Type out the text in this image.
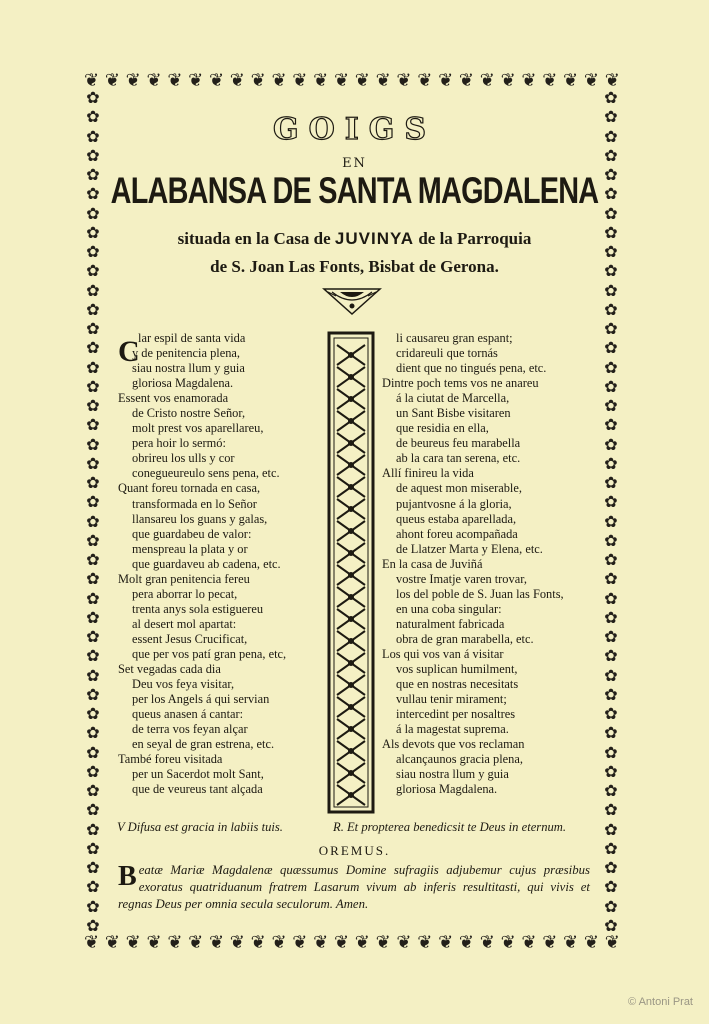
❦ ❦ ❦ ❦ ❦ ❦ ❦ ❦ ❦ ❦ ❦ ❦ ❦ ❦ ❦ ❦ ❦ ❦ ❦ ❦ ❦ ❦ ❦ ❦ ❦ ❦
❦ ❦ ❦ ❦ ❦ ❦ ❦ ❦ ❦ ❦ ❦ ❦ ❦ ❦ ❦ ❦ ❦ ❦ ❦ ❦ ❦ ❦ ❦ ❦ ❦ ❦
✿
✿
✿
✿
✿
✿
✿
✿
✿
✿
✿
✿
✿
✿
✿
✿
✿
✿
✿
✿
✿
✿
✿
✿
✿
✿
✿
✿
✿
✿
✿
✿
✿
✿
✿
✿
✿
✿
✿
✿
✿
✿
✿
✿
✿
✿
✿
✿
✿
✿
✿
✿
✿
✿
✿
✿
✿
✿
✿
✿
✿
✿
✿
✿
✿
✿
✿
✿
✿
✿
✿
✿
✿
✿
✿
✿
✿
✿
✿
✿
✿
✿
✿
✿
✿
✿
✿
✿
GOIGS
EN
ALABANSA DE SANTA MAGDALENA
situada en la Casa de JUVINYA de la Parroquia
de S. Joan Las Fonts, Bisbat de Gerona.
C
lar espil de santa vida
y de penitencia plena,
siau nostra llum y guia
gloriosa Magdalena.
Essent vos enamorada
de Cristo nostre Señor,
molt prest vos aparellareu,
pera hoir lo sermó:
obrireu los ulls y cor
conegueureulo sens pena, etc.
Quant foreu tornada en casa,
transformada en lo Señor
llansareu los guans y galas,
que guardabeu de valor:
menspreau la plata y or
que guardaveu ab cadena, etc.
Molt gran penitencia fereu
pera aborrar lo pecat,
trenta anys sola estiguereu
al desert mol apartat:
essent Jesus Crucificat,
que per vos patí gran pena, etc,
Set vegadas cada dia
Deu vos feya visitar,
per los Angels á qui servian
queus anasen á cantar:
de terra vos feyan alçar
en seyal de gran estrena, etc.
També foreu visitada
per un Sacerdot molt Sant,
que de veureus tant alçada
li causareu gran espant;
cridareuli que tornás
dient que no tingués pena, etc.
Dintre poch tems vos ne anareu
á la ciutat de Marcella,
un Sant Bisbe visitaren
que residia en ella,
de beureus feu marabella
ab la cara tan serena, etc.
Allí finireu la vida
de aquest mon miserable,
pujantvosne á la gloria,
queus estaba aparellada,
ahont foreu acompañada
de Llatzer Marta y Elena, etc.
En la casa de Juviñá
vostre Imatje varen trovar,
los del poble de S. Juan las Fonts,
en una coba singular:
naturalment fabricada
obra de gran marabella, etc.
Los qui vos van á visitar
vos suplican humilment,
que en nostras necesitats
vullau tenir mirament;
intercedint per nosaltres
á la magestat suprema.
Als devots que vos reclaman
alcançaunos gracia plena,
siau nostra llum y guia
gloriosa Magdalena.
V Difusa est gracia in labiis tuis.	R. Et propterea benedicsit te Deus in eternum.
OREMUS.
Beatæ Mariæ Magdalenæ quæssumus Domine sufragiis adjubemur cujus præsibus exoratus quatriduanum fratrem Lasarum vivum ab inferis resultitasti, qui vivis et regnas Deus per omnia secula seculorum. Amen.
© Antoni Prat
